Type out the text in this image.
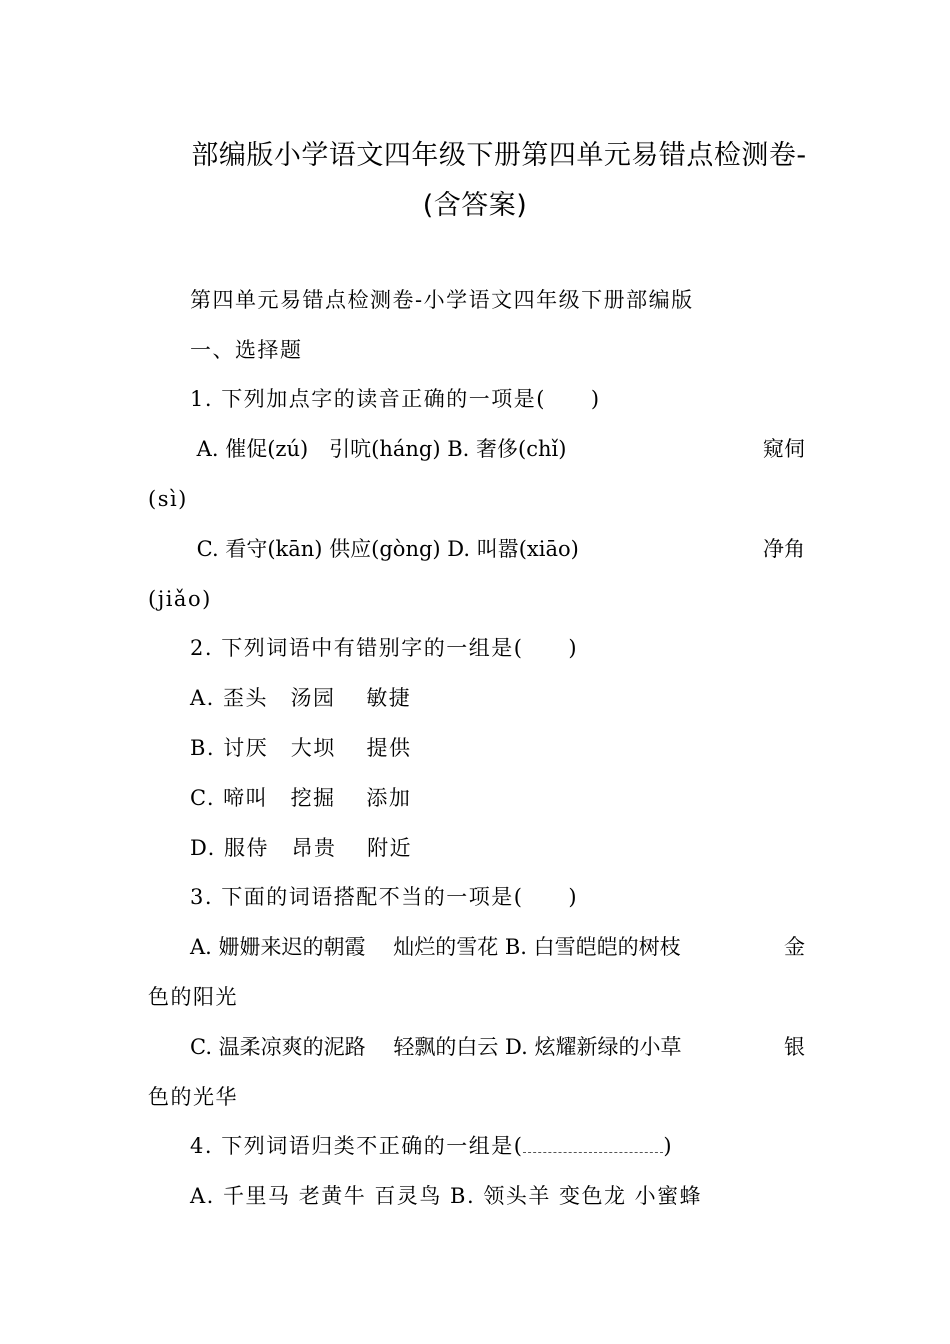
部编版小学语文四年级下册第四单元易错点检测卷-
(含答案)
第四单元易错点检测卷-小学语文四年级下册部编版
一、选择题
1. 下列加点字的读音正确的一项是(　　)
A. 催促(zú)　引吭(háng) B. 奢侈(chǐ)	窥伺
(sì)
C. 看守(kān) 供应(gòng) D. 叫嚣(xiāo)	净角
(jiǎo)
2. 下列词语中有错别字的一组是(　　)
A. 歪头　汤园　 敏捷
B. 讨厌　大坝　 提供
C. 啼叫　挖掘　 添加
D. 服侍　昂贵　 附近
3. 下面的词语搭配不当的一项是(　　)
A. 姗姗来迟的朝霞　 灿烂的雪花 B. 白雪皑皑的树枝	金
色的阳光
C. 温柔凉爽的泥路　 轻飘的白云 D. 炫耀新绿的小草	银
色的光华
4. 下列词语归类不正确的一组是(	)
A. 千里马 老黄牛 百灵鸟 B. 领头羊 变色龙 小蜜蜂
